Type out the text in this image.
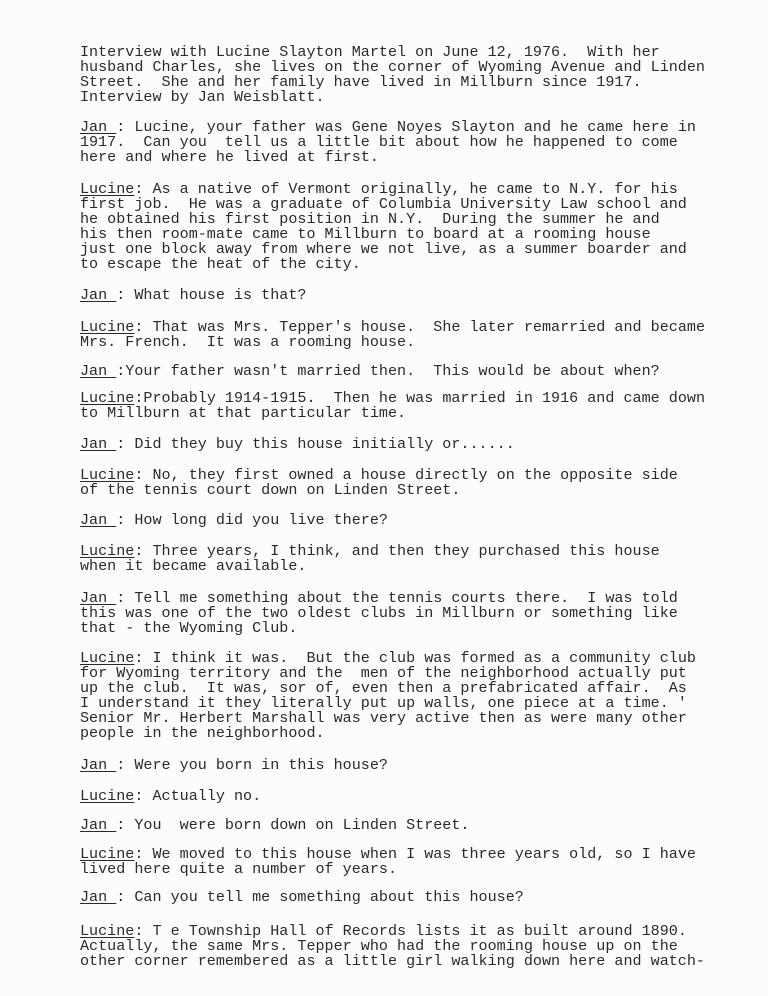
Interview with Lucine Slayton Martel on June 12, 1976.  With her
husband Charles, she lives on the corner of Wyoming Avenue and Linden
Street.  She and her family have lived in Millburn since 1917.
Interview by Jan Weisblatt.
Jan : Lucine, your father was Gene Noyes Slayton and he came here in
1917.  Can you  tell us a little bit about how he happened to come
here and where he lived at first.
Lucine: As a native of Vermont originally, he came to N.Y. for his
first job.  He was a graduate of Columbia University Law school and
he obtained his first position in N.Y.  During the summer he and
his then room-mate came to Millburn to board at a rooming house
just one block away from where we not live, as a summer boarder and
to escape the heat of the city.
Jan : What house is that?
Lucine: That was Mrs. Tepper's house.  She later remarried and became
Mrs. French.  It was a rooming house.
Jan :Your father wasn't married then.  This would be about when?
Lucine:Probably 1914-1915.  Then he was married in 1916 and came down
to Millburn at that particular time.
Jan : Did they buy this house initially or......
Lucine: No, they first owned a house directly on the opposite side
of the tennis court down on Linden Street.
Jan : How long did you live there?
Lucine: Three years, I think, and then they purchased this house
when it became available.
Jan : Tell me something about the tennis courts there.  I was told
this was one of the two oldest clubs in Millburn or something like
that - the Wyoming Club.
Lucine: I think it was.  But the club was formed as a community club
for Wyoming territory and the  men of the neighborhood actually put
up the club.  It was, sor of, even then a prefabricated affair.  As
I understand it they literally put up walls, one piece at a time. '
Senior Mr. Herbert Marshall was very active then as were many other
people in the neighborhood.
Jan : Were you born in this house?
Lucine: Actually no.
Jan : You  were born down on Linden Street.
Lucine: We moved to this house when I was three years old, so I have
lived here quite a number of years.
Jan : Can you tell me something about this house?
Lucine: T e Township Hall of Records lists it as built around 1890.
Actually, the same Mrs. Tepper who had the rooming house up on the
other corner remembered as a little girl walking down here and watch-
